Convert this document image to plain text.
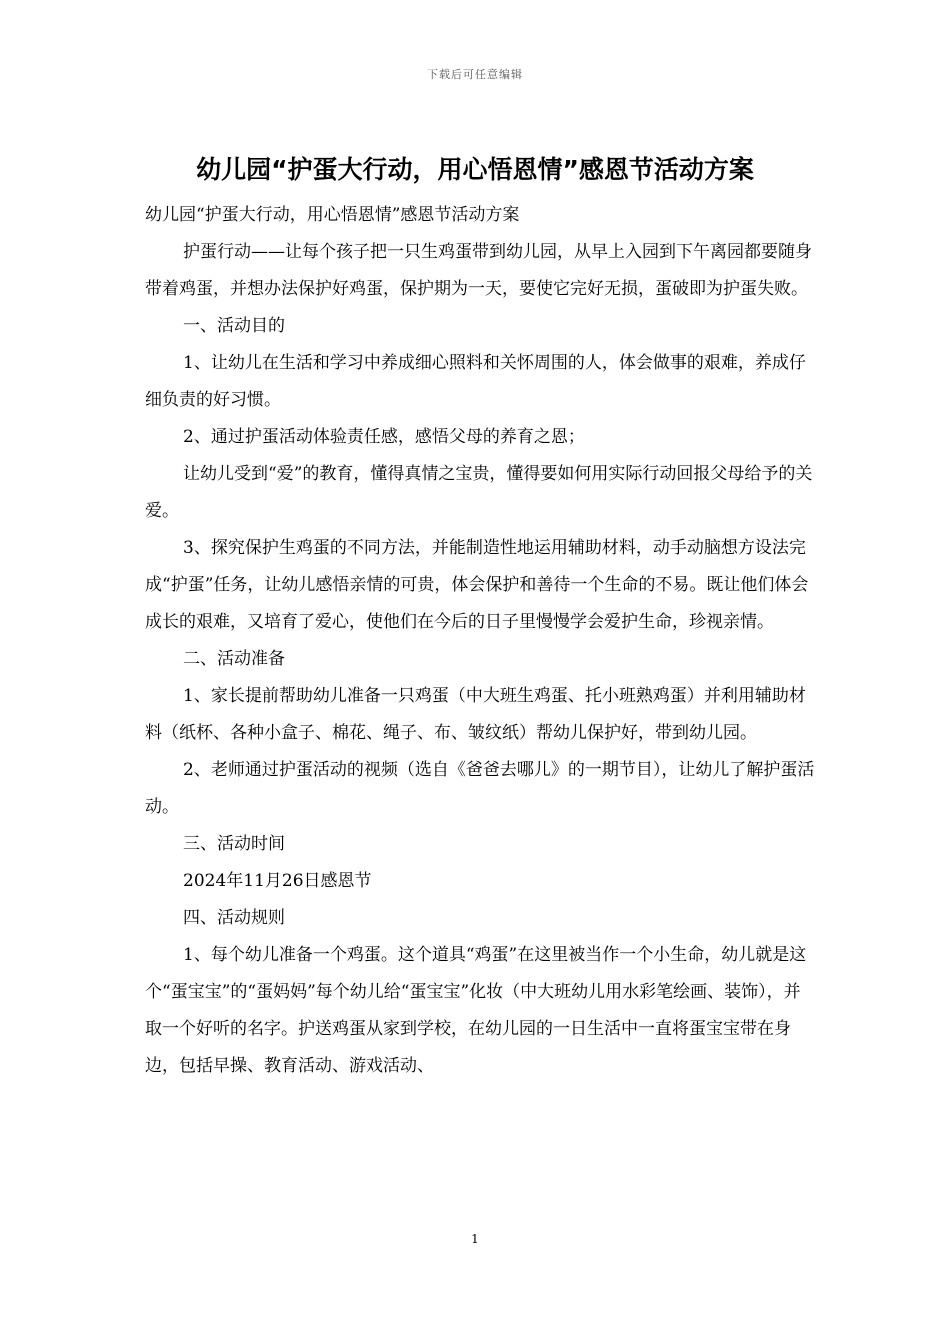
下载后可任意编辑
幼儿园“护蛋大行动，用心悟恩情”感恩节活动方案

幼儿园“护蛋大行动，用心悟恩情”感恩节活动方案

护蛋行动——让每个孩子把一只生鸡蛋带到幼儿园，从早上入园到下午离园都要随身带着鸡蛋，并想办法保护好鸡蛋，保护期为一天，要使它完好无损，蛋破即为护蛋失败。

一、活动目的

1、让幼儿在生活和学习中养成细心照料和关怀周围的人，体会做事的艰难，养成仔细负责的好习惯。

2、通过护蛋活动体验责任感，感悟父母的养育之恩；

让幼儿受到“爱”的教育，懂得真情之宝贵，懂得要如何用实际行动回报父母给予的关爱。

3、探究保护生鸡蛋的不同方法，并能制造性地运用辅助材料，动手动脑想方设法完成“护蛋”任务，让幼儿感悟亲情的可贵，体会保护和善待一个生命的不易。既让他们体会成长的艰难，又培育了爱心，使他们在今后的日子里慢慢学会爱护生命，珍视亲情。

二、活动准备

1、家长提前帮助幼儿准备一只鸡蛋（中大班生鸡蛋、托小班熟鸡蛋）并利用辅助材料（纸杯、各种小盒子、棉花、绳子、布、皱纹纸）帮幼儿保护好，带到幼儿园。

2、老师通过护蛋活动的视频（选自《爸爸去哪儿》的一期节目），让幼儿了解护蛋活动。

三、活动时间

2024年11月26日感恩节

四、活动规则

1、每个幼儿准备一个鸡蛋。这个道具“鸡蛋”在这里被当作一个小生命，幼儿就是这个“蛋宝宝”的“蛋妈妈”每个幼儿给“蛋宝宝”化妆（中大班幼儿用水彩笔绘画、装饰），并取一个好听的名字。护送鸡蛋从家到学校，在幼儿园的一日生活中一直将蛋宝宝带在身边，包括早操、教育活动、游戏活动、

1
